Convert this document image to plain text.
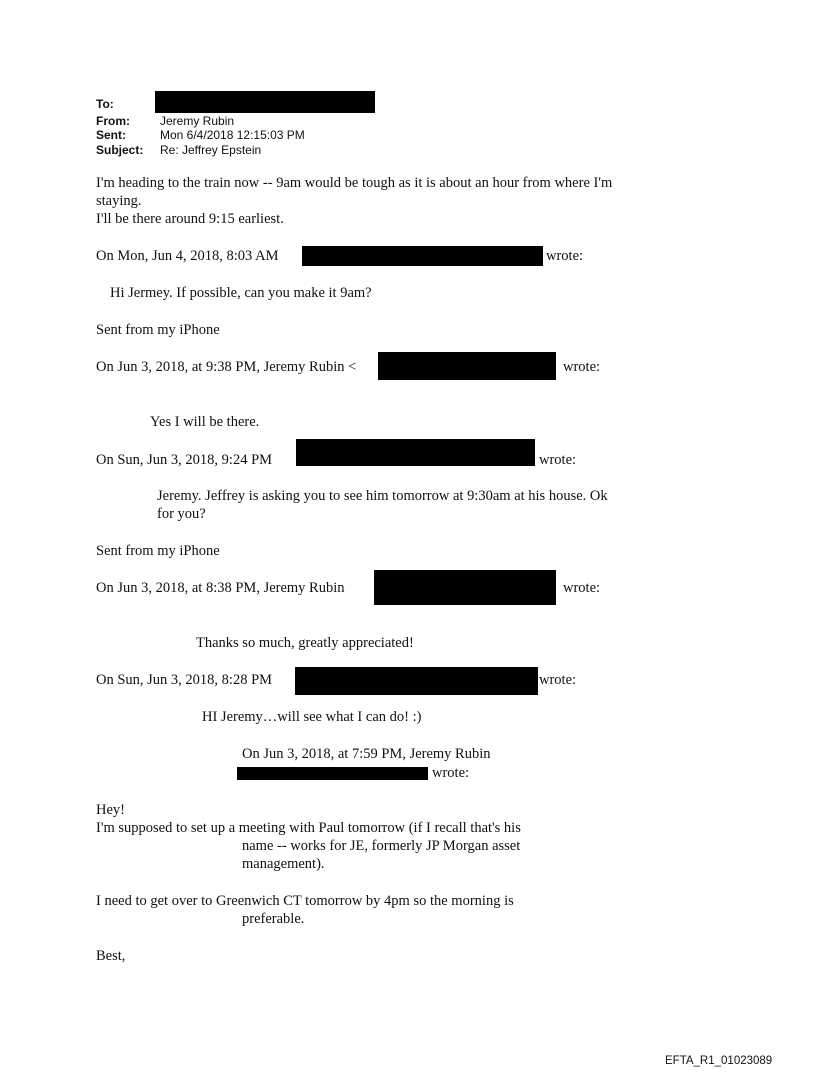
To:
From:	Jeremy Rubin
Sent:	Mon 6/4/2018 12:15:03 PM
Subject: Re: Jeffrey Epstein
I'm heading to the train now -- 9am would be tough as it is about an hour from where I'm
staying.
I'll be there around 9:15 earliest.
On Mon, Jun 4, 2018, 8:03 AM	wrote:
Hi Jermey. If possible, can you make it 9am?
Sent from my iPhone
On Jun 3, 2018, at 9:38 PM, Jeremy Rubin <	wrote:
Yes I will be there.
On Sun, Jun 3, 2018, 9:24 PM	wrote:
Jeremy. Jeffrey is asking you to see him tomorrow at 9:30am at his house. Ok
for you?
Sent from my iPhone
On Jun 3, 2018, at 8:38 PM, Jeremy Rubin	wrote:
Thanks so much, greatly appreciated!
On Sun, Jun 3, 2018, 8:28 PM	wrote:
HI Jeremy…will see what I can do! :)
On Jun 3, 2018, at 7:59 PM, Jeremy Rubin
wrote:
Hey!
I'm supposed to set up a meeting with Paul tomorrow (if I recall that's his
name -- works for JE, formerly JP Morgan asset
management).
I need to get over to Greenwich CT tomorrow by 4pm so the morning is
preferable.
Best,
EFTA_R1_01023089
